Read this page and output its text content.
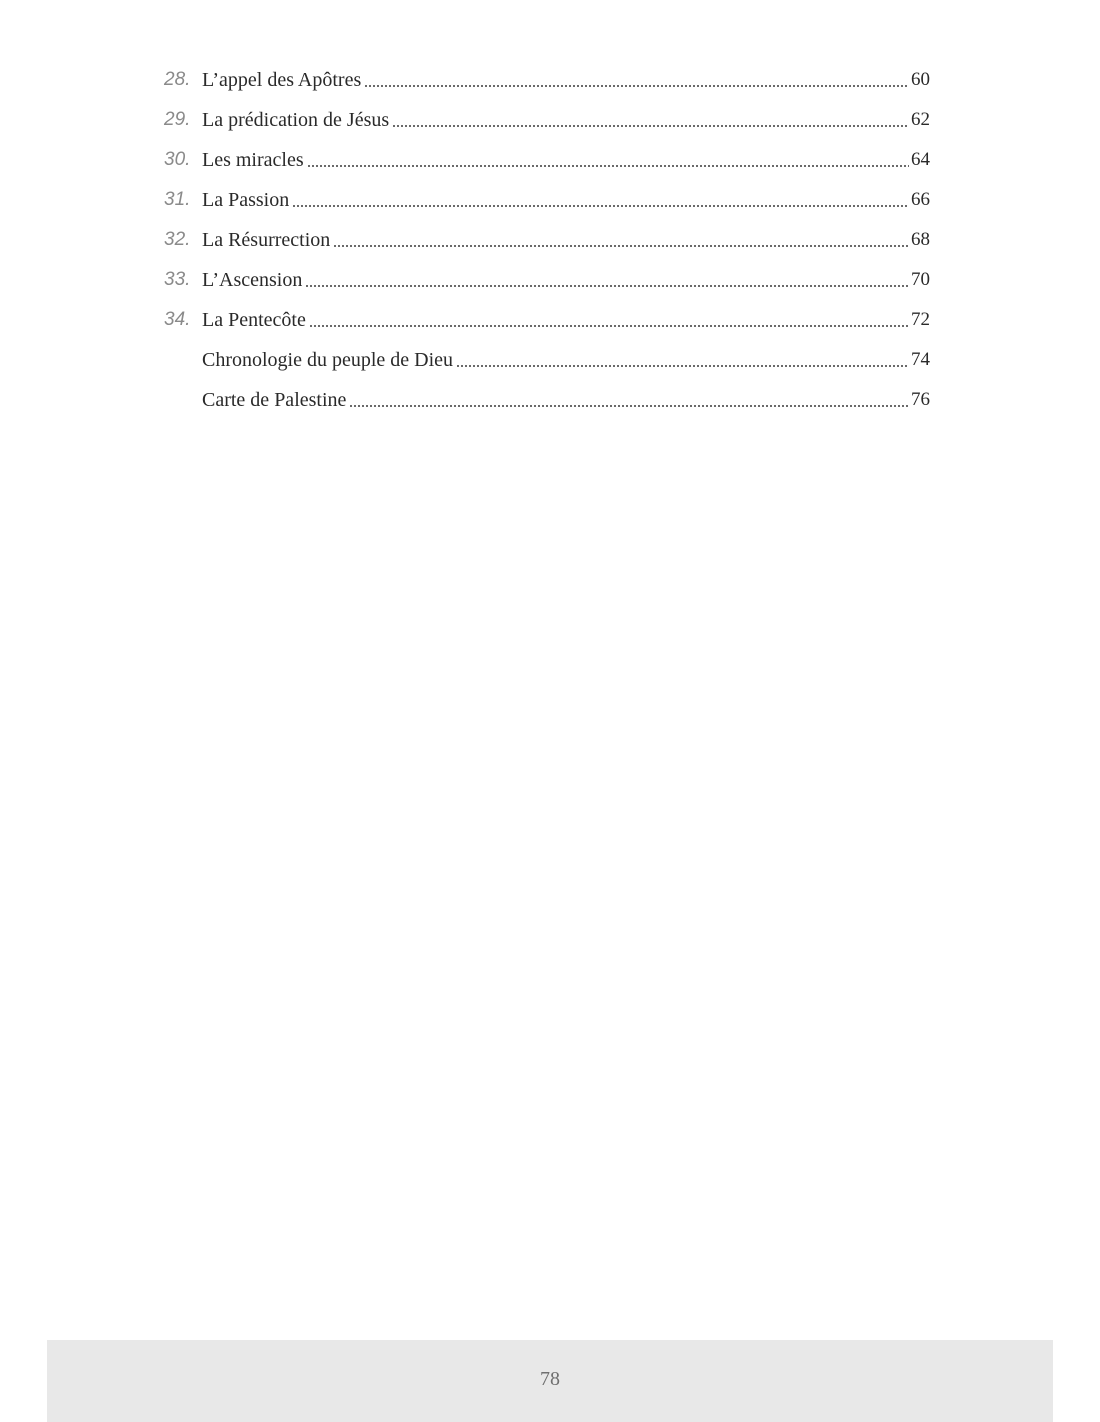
28. L’appel des Apôtres	60
29. La prédication de Jésus	62
30. Les miracles	64
31. La Passion	66
32. La Résurrection	68
33. L’Ascension	70
34. La Pentecôte	72
Chronologie du peuple de Dieu	74
Carte de Palestine	76
78
